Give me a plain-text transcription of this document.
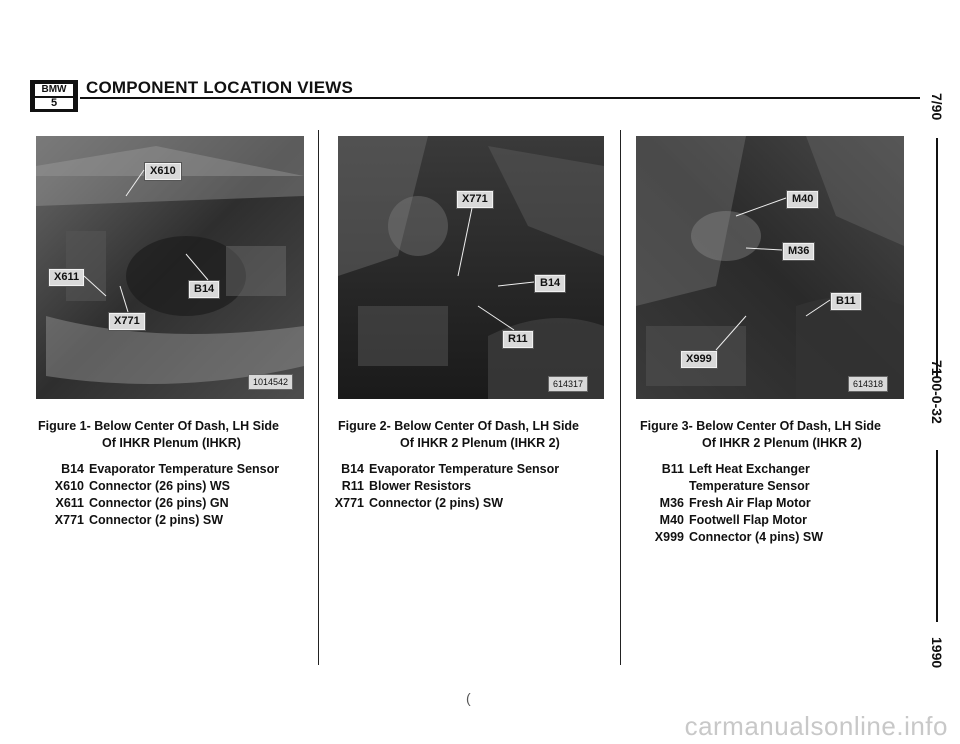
BMW
5
COMPONENT LOCATION VIEWS
X610
X611
B14
X771
1014542
Figure 1- Below Center Of Dash, LH Side
Of IHKR Plenum (IHKR)
B14 Evaporator Temperature Sensor
X610 Connector (26 pins) WS
X611 Connector (26 pins) GN
X771 Connector (2 pins) SW
X771
B14
R11
614317
Figure 2- Below Center Of Dash, LH Side
Of IHKR 2 Plenum (IHKR 2)
B14 Evaporator Temperature Sensor
R11 Blower Resistors
X771 Connector (2 pins) SW
M40
M36
B11
X999
614318
Figure 3- Below Center Of Dash, LH Side
Of IHKR 2 Plenum (IHKR 2)
B11 Left Heat Exchanger
Temperature Sensor
M36 Fresh Air Flap Motor
M40 Footwell Flap Motor
X999 Connector (4 pins) SW
7/90
7100-0-32
1990
(
carmanualsonline.info
